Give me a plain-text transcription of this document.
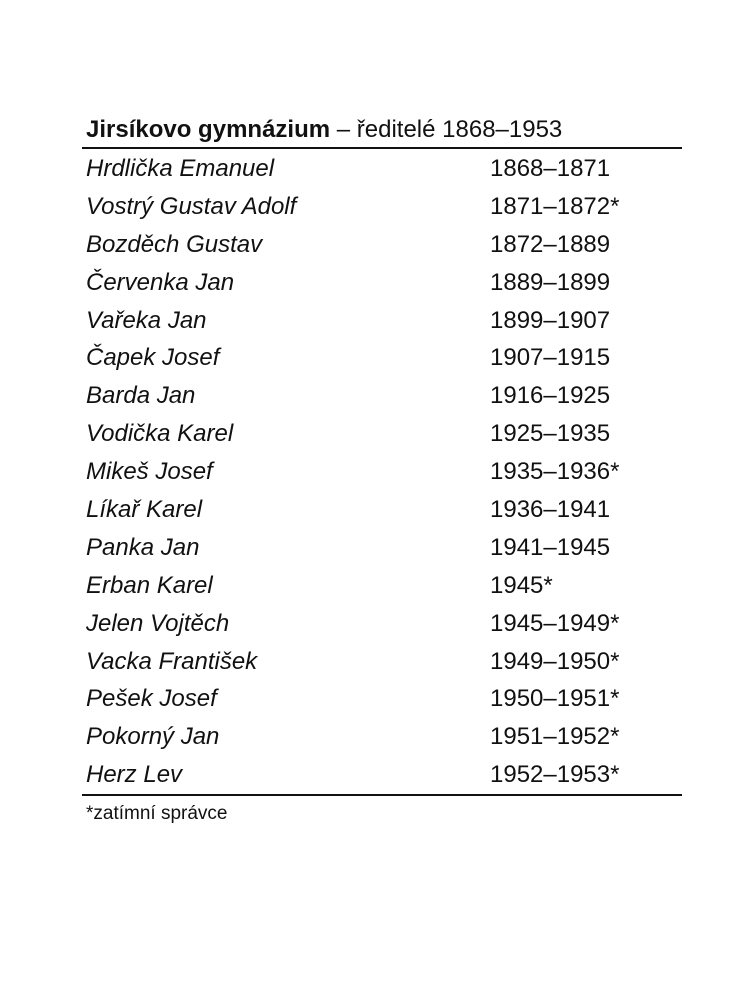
Jirsíkovo gymnázium – ředitelé 1868–1953
Hrdlička Emanuel	1868–1871
Vostrý Gustav Adolf	1871–1872*
Bozděch Gustav	1872–1889
Červenka Jan	1889–1899
Vařeka Jan	1899–1907
Čapek Josef	1907–1915
Barda Jan	1916–1925
Vodička Karel	1925–1935
Mikeš Josef	1935–1936*
Líkař Karel	1936–1941
Panka Jan	1941–1945
Erban Karel	1945*
Jelen Vojtěch	1945–1949*
Vacka František	1949–1950*
Pešek Josef	1950–1951*
Pokorný Jan	1951–1952*
Herz Lev	1952–1953*
*zatímní správce
